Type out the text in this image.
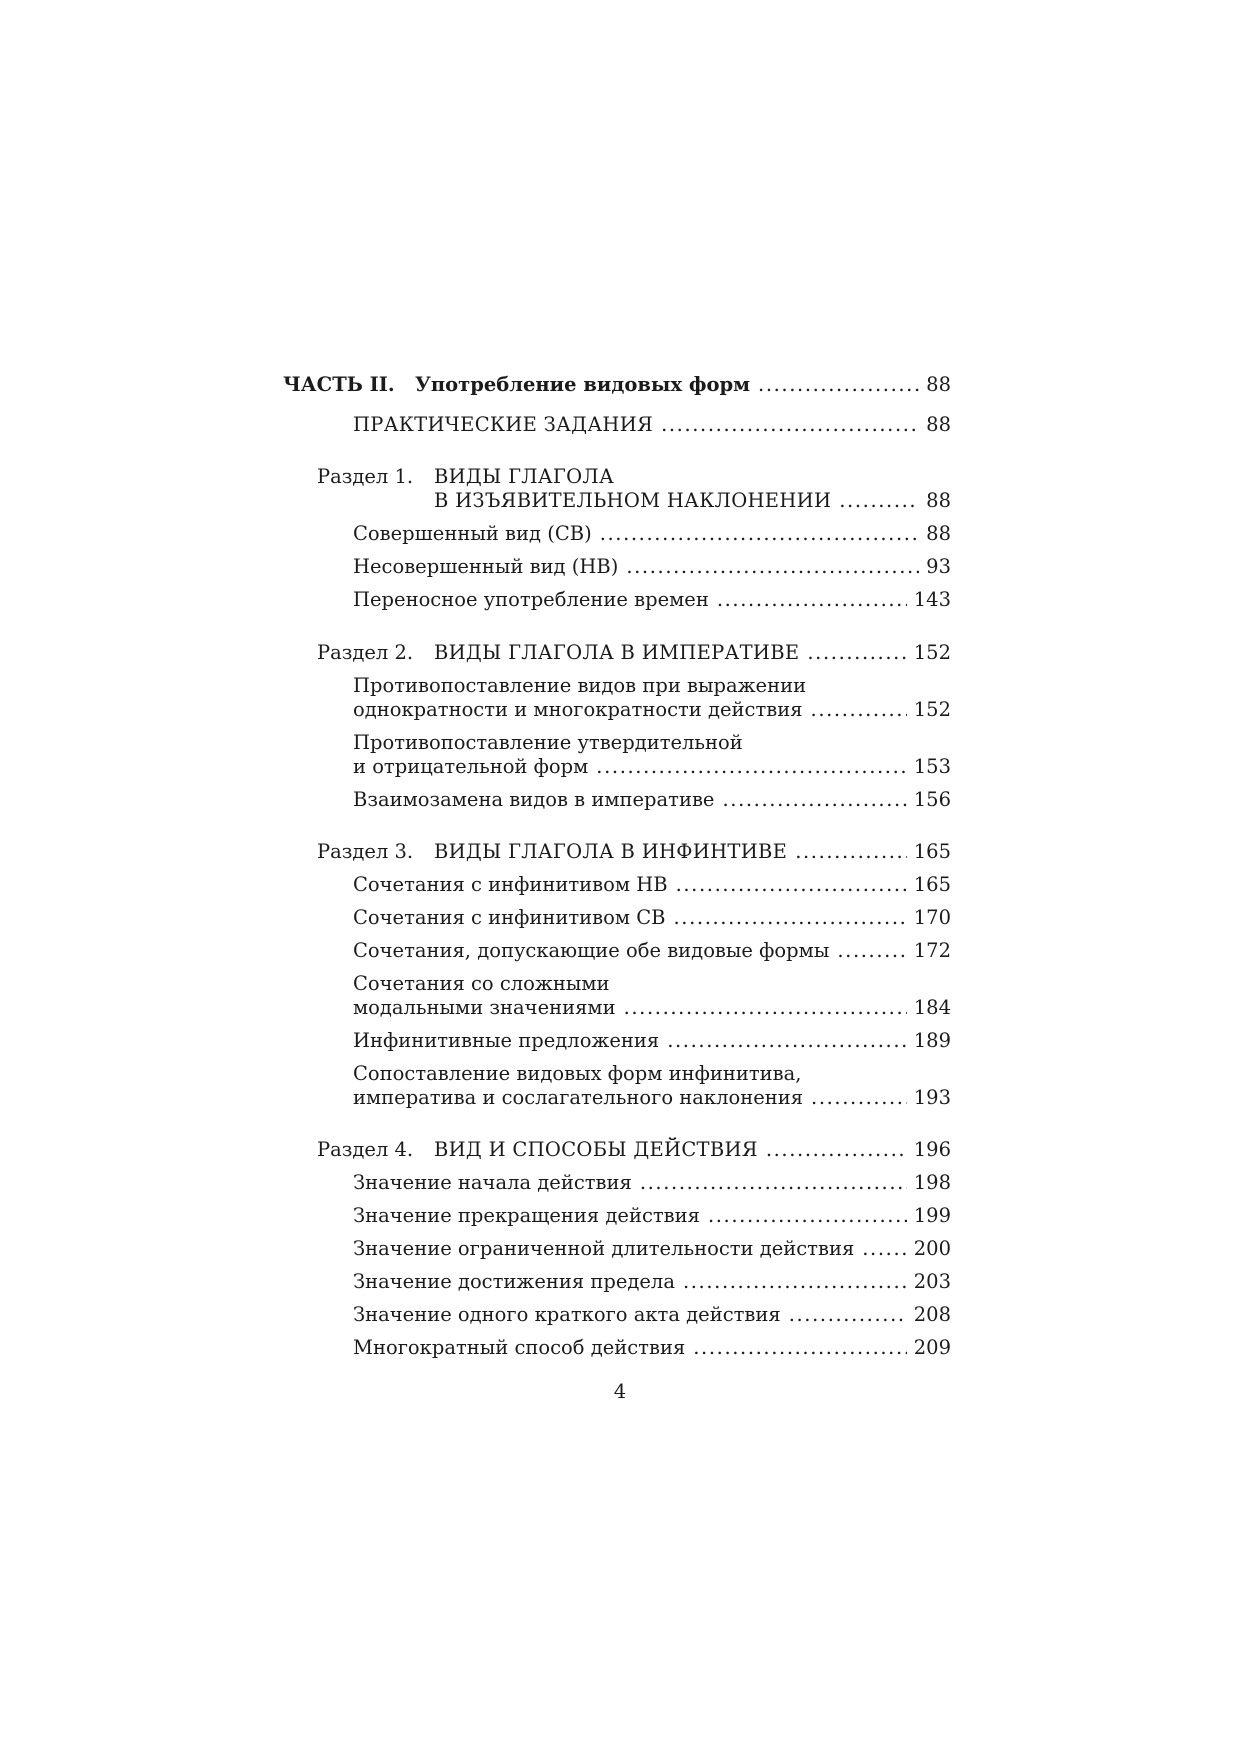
ЧАСТЬ II. Употребление видовых форм . . .	88
ПРАКТИЧЕСКИЕ ЗАДАНИЯ . . .	88
Раздел 1. ВИДЫ ГЛАГОЛА
В ИЗЪЯВИТЕЛЬНОМ НАКЛОНЕНИИ . . .	88
Совершенный вид (СВ) . . .	88
Несовершенный вид (НВ) . . .	93
Переносное употребление времен . . .	143
Раздел 2. ВИДЫ ГЛАГОЛА В ИМПЕРАТИВЕ . . .	152
Противопоставление видов при выражении
однократности и многократности действия . . .	152
Противопоставление утвердительной
и отрицательной форм . . .	153
Взаимозамена видов в императиве . . .	156
Раздел 3. ВИДЫ ГЛАГОЛА В ИНФИНТИВЕ . . .	165
Сочетания с инфинитивом НВ . . .	165
Сочетания с инфинитивом СВ . . .	170
Сочетания, допускающие обе видовые формы . . .	172
Сочетания со сложными
модальными значениями . . .	184
Инфинитивные предложения . . .	189
Сопоставление видовых форм инфинитива,
императива и сослагательного наклонения . . .	193
Раздел 4. ВИД И СПОСОБЫ ДЕЙСТВИЯ . . .	196
Значение начала действия . . .	198
Значение прекращения действия . . .	199
Значение ограниченной длительности действия . . .	200
Значение достижения предела . . .	203
Значение одного краткого акта действия . . .	208
Многократный способ действия . . .	209
4
